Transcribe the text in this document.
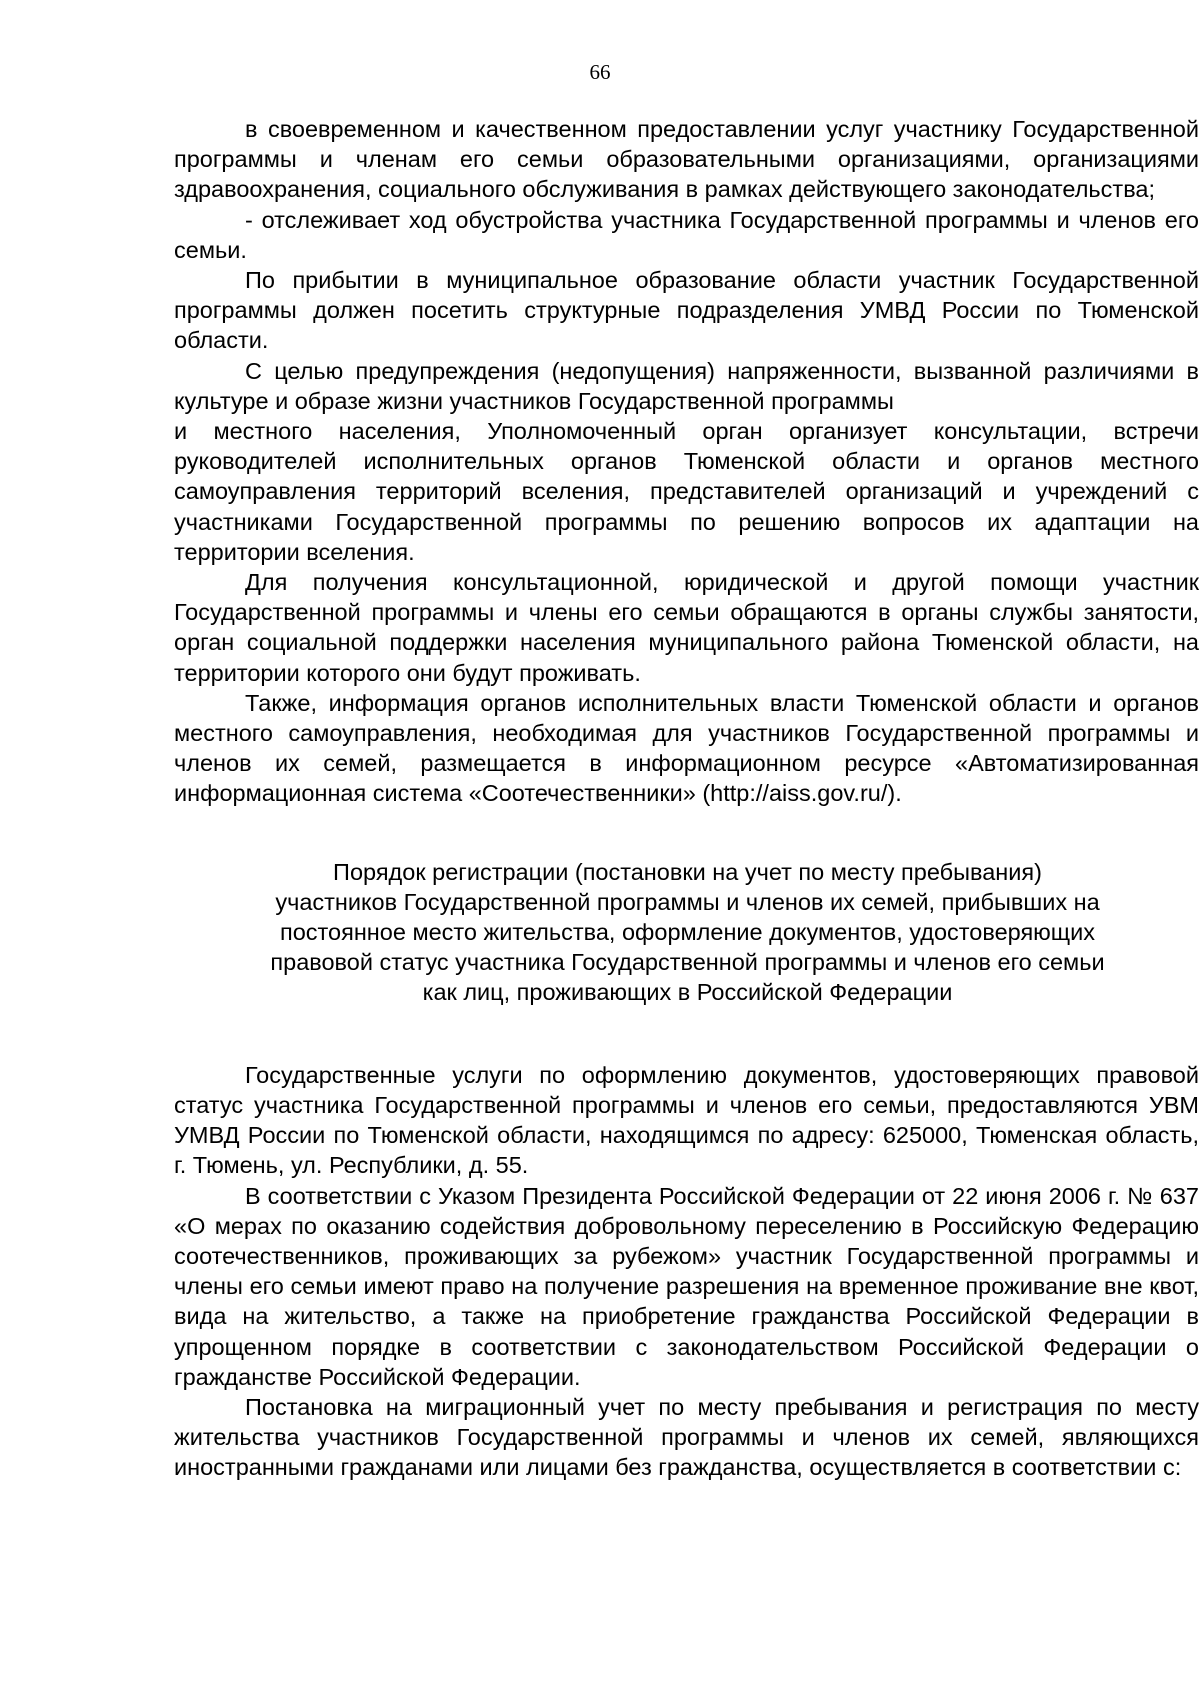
66

в своевременном и качественном предоставлении услуг участнику Государственной программы и членам его семьи образовательными организациями, организациями здравоохранения, социального обслуживания в рамках действующего законодательства;

- отслеживает ход обустройства участника Государственной программы и членов его семьи.

По прибытии в муниципальное образование области участник Государственной программы должен посетить структурные подразделения УМВД России по Тюменской области.

С целью предупреждения (недопущения) напряженности, вызванной различиями в культуре и образе жизни участников Государственной программы

и местного населения, Уполномоченный орган организует консультации, встречи руководителей исполнительных органов Тюменской области и органов местного самоуправления территорий вселения, представителей организаций и учреждений с участниками Государственной программы по решению вопросов их адаптации на территории вселения.

Для получения консультационной, юридической и другой помощи участник Государственной программы и члены его семьи обращаются в органы службы занятости, орган социальной поддержки населения муниципального района Тюменской области, на территории которого они будут проживать.

Также, информация органов исполнительных власти Тюменской области и органов местного самоуправления, необходимая для участников Государственной программы и членов их семей, размещается в информационном ресурсе «Автоматизированная информационная система «Соотечественники» (http://aiss.gov.ru/).

Порядок регистрации (постановки на учет по месту пребывания)
участников Государственной программы и членов их семей, прибывших на
постоянное место жительства, оформление документов, удостоверяющих
правовой статус участника Государственной программы и членов его семьи
как лиц, проживающих в Российской Федерации

Государственные услуги по оформлению документов, удостоверяющих правовой статус участника Государственной программы и членов его семьи, предоставляются УВМ УМВД России по Тюменской области, находящимся по адресу: 625000, Тюменская область, г. Тюмень, ул. Республики, д. 55.

В соответствии с Указом Президента Российской Федерации от 22 июня 2006 г. № 637 «О мерах по оказанию содействия добровольному переселению в Российскую Федерацию соотечественников, проживающих за рубежом» участник Государственной программы и члены его семьи имеют право на получение разрешения на временное проживание вне квот, вида на жительство, а также на приобретение гражданства Российской Федерации в упрощенном порядке в соответствии с законодательством Российской Федерации о гражданстве Российской Федерации.

Постановка на миграционный учет по месту пребывания и регистрация по месту жительства участников Государственной программы и членов их семей, являющихся иностранными гражданами или лицами без гражданства, осуществляется в соответствии с:
